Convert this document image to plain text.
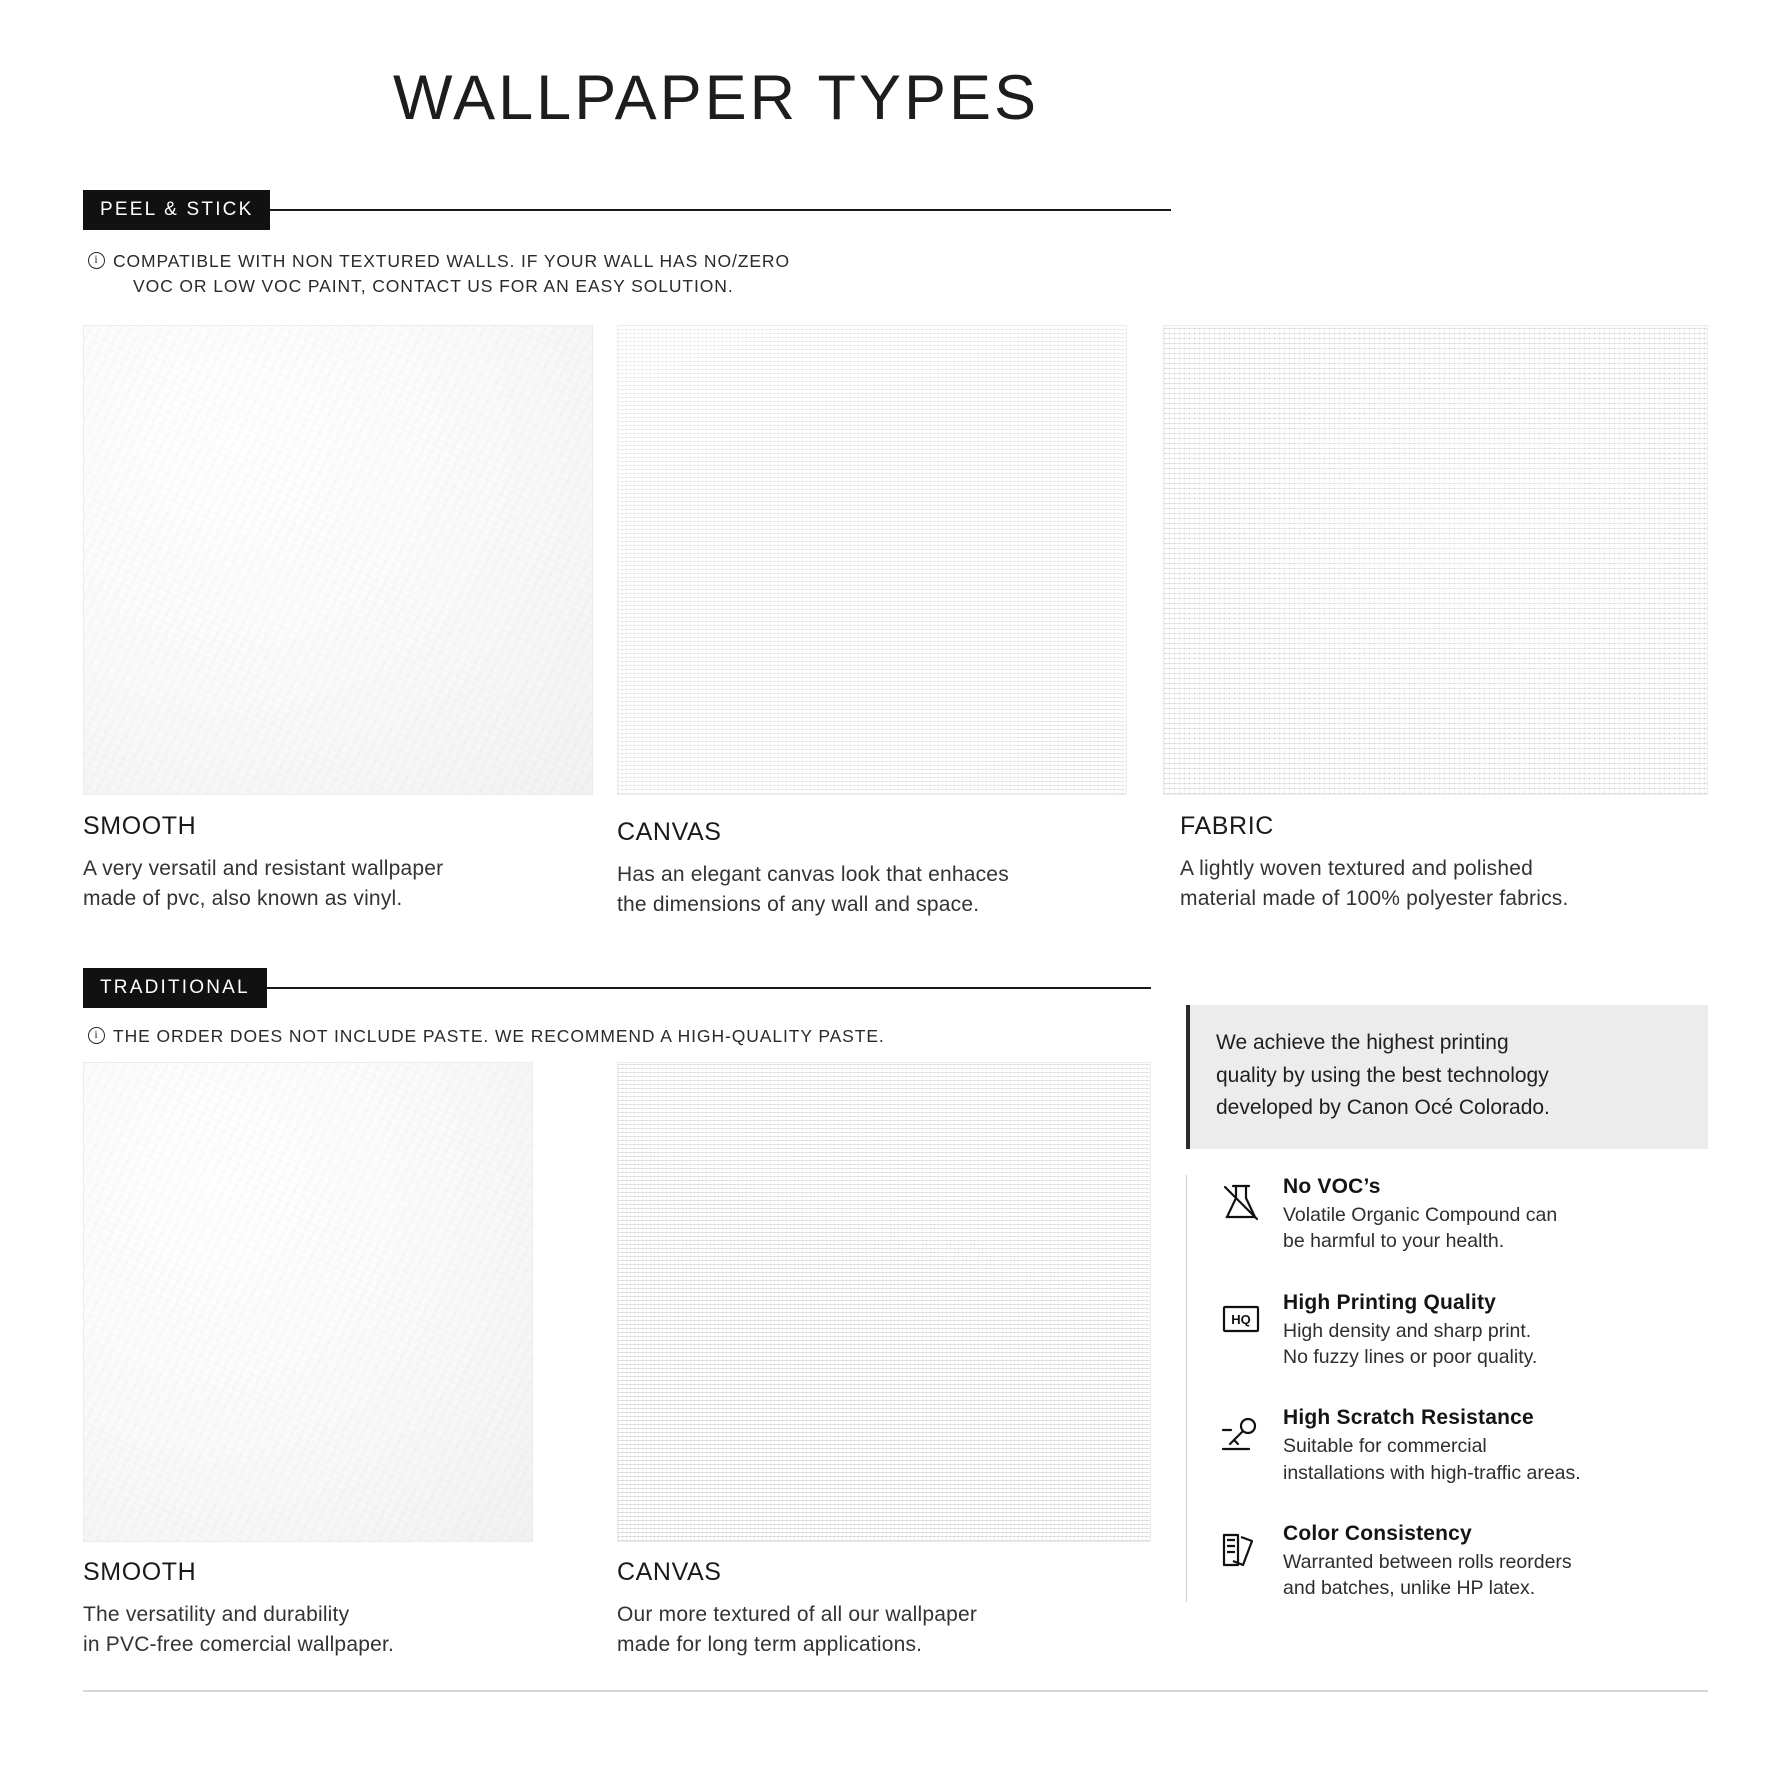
WALLPAPER TYPES
PEEL & STICK
i
COMPATIBLE WITH NON TEXTURED WALLS. IF YOUR WALL HAS NO/ZERO
VOC OR LOW VOC PAINT, CONTACT US FOR AN EASY SOLUTION.
SMOOTH
A very versatil and resistant wallpaper
made of pvc, also known as vinyl.
CANVAS
Has an elegant canvas look that enhaces
the dimensions of any wall and space.
FABRIC
A lightly woven textured and polished
material made of 100% polyester fabrics.
TRADITIONAL
i
THE ORDER DOES NOT INCLUDE PASTE. WE RECOMMEND A HIGH-QUALITY PASTE.
SMOOTH
The versatility and durability
in PVC-free comercial wallpaper.
CANVAS
Our more textured of all our wallpaper
made for long term applications.
We achieve the highest printing
quality by using the best technology
developed by Canon Océ Colorado.
No VOC’s
Volatile Organic Compound can
be harmful to your health.
HQ
High Printing Quality
High density and sharp print.
No fuzzy lines or poor quality.
High Scratch Resistance
Suitable for commercial
installations with high-traffic areas.
Color Consistency
Warranted between rolls reorders
and batches, unlike HP latex.
